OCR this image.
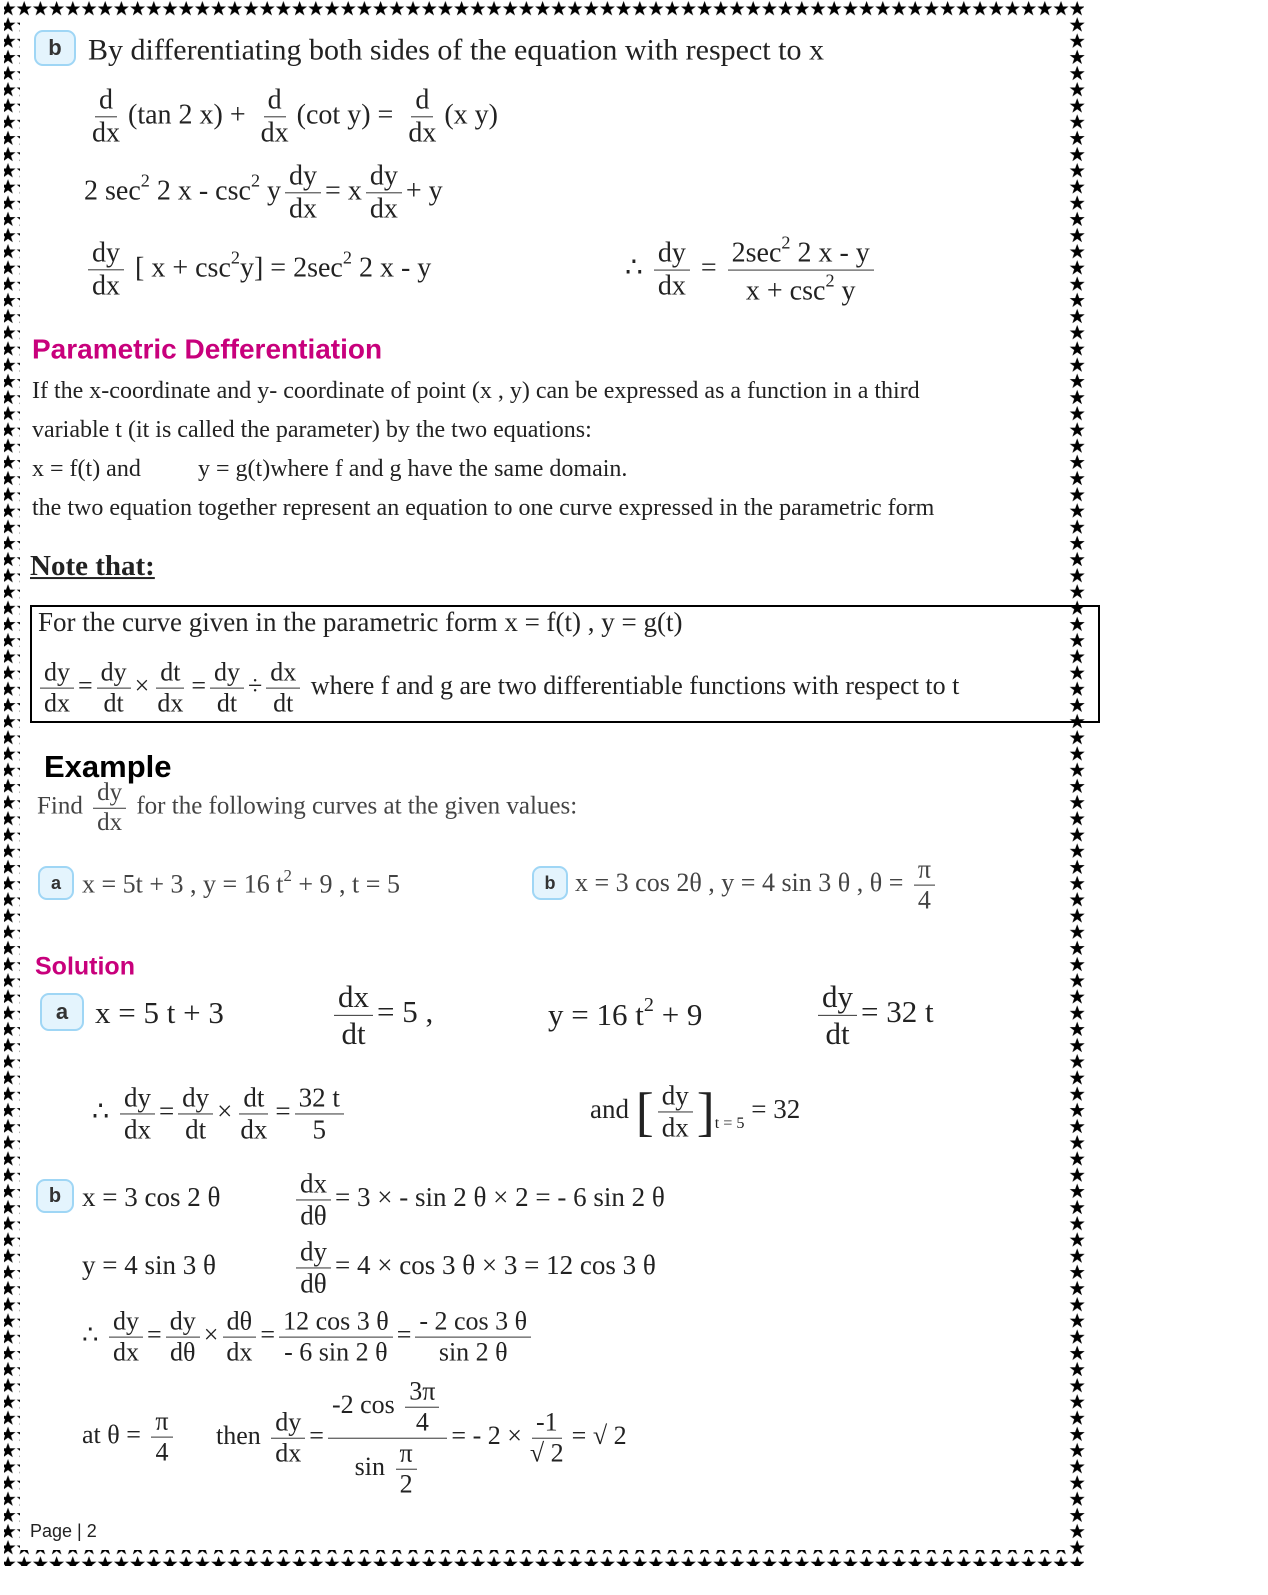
b By differentiating both sides of the equation with respect to x
$\frac{d}{dx} (\tan$ 2 $x) + \frac{d}{dx} (\cot$ $y) = \frac{d}{dx} (x$ y)
2 $\sec^2 2$ $x - \csc^2 y \frac{dy}{dx} = x \frac{dy}{dx} + y$
$\frac{dy}{dx}$ [ $x + \csc^2y] = 2\sec^2$ 2 x - y	∴ $\frac{dy}{dx} = \frac{2\sec^2 2 x - y}{x + \csc^2 y}$
Parametric Defferentiation
If the x-coordinate and y- coordinate of point (x , y) can be expressed as a function in a third
variable t (it is called the parameter) by the two equations:
x = f(t) and y = g(t)where f and g have the same domain.
the two equation together represent an equation to one curve expressed in the parametric form
Note that:
For the curve given in the parametric form x = f(t) , y = g(t)
$\frac{dy}{dx} = \frac{dy}{dt} \times \frac{dt}{dx} = \frac{dy}{dt} \div \frac{dx}{dt}$ where f and g are two differentiable functions with respect to t
Example
Find $\frac{dy}{dx}$ for the following curves at the given values:
a x = 5t + 3 , y = 16 $t^2 + 9$ , t = 5	b x = 3 cos 2θ , y = 4 sin 3 θ , $\theta = \frac{\pi}{4}$
Solution
a x = 5 t + 3	$\frac{dx}{dt} = 5$ ,	y = 16 $t^2 + 9$	$\frac{dy}{dt} = 32$ t
∴ $\frac{dy}{dx} = \frac{dy}{dt} \times \frac{dt}{dx} = \frac{32 t}{5}$	and [ $\frac{dy}{dx} ]_{t = 5} = 32$
b x = 3 cos 2 θ	$\frac{dx}{d\theta} = 3$ × - sin 2 θ × 2 = - 6 sin 2 θ
y = 4 sin 3 θ	$\frac{dy}{d\theta} = 4 \times \cos 3$ θ × 3 = 12 cos 3 θ
∴ $\frac{dy}{dx} = \frac{dy}{d\theta} \times \frac{d\theta}{dx} = \frac{12 \cos 3 \theta}{- 6 \sin 2 \theta} = \frac{- 2 \cos 3 \theta}{\sin 2 \theta}$
at $\theta = \frac{\pi}{4}$ then $\frac{dy}{dx} = \frac{-2 \cos \frac{3\pi}{4}}{\sin \frac{\pi}{2}}$ = - $2 \times \frac{-1}{√ 2}$ = √ 2
Page | 2
